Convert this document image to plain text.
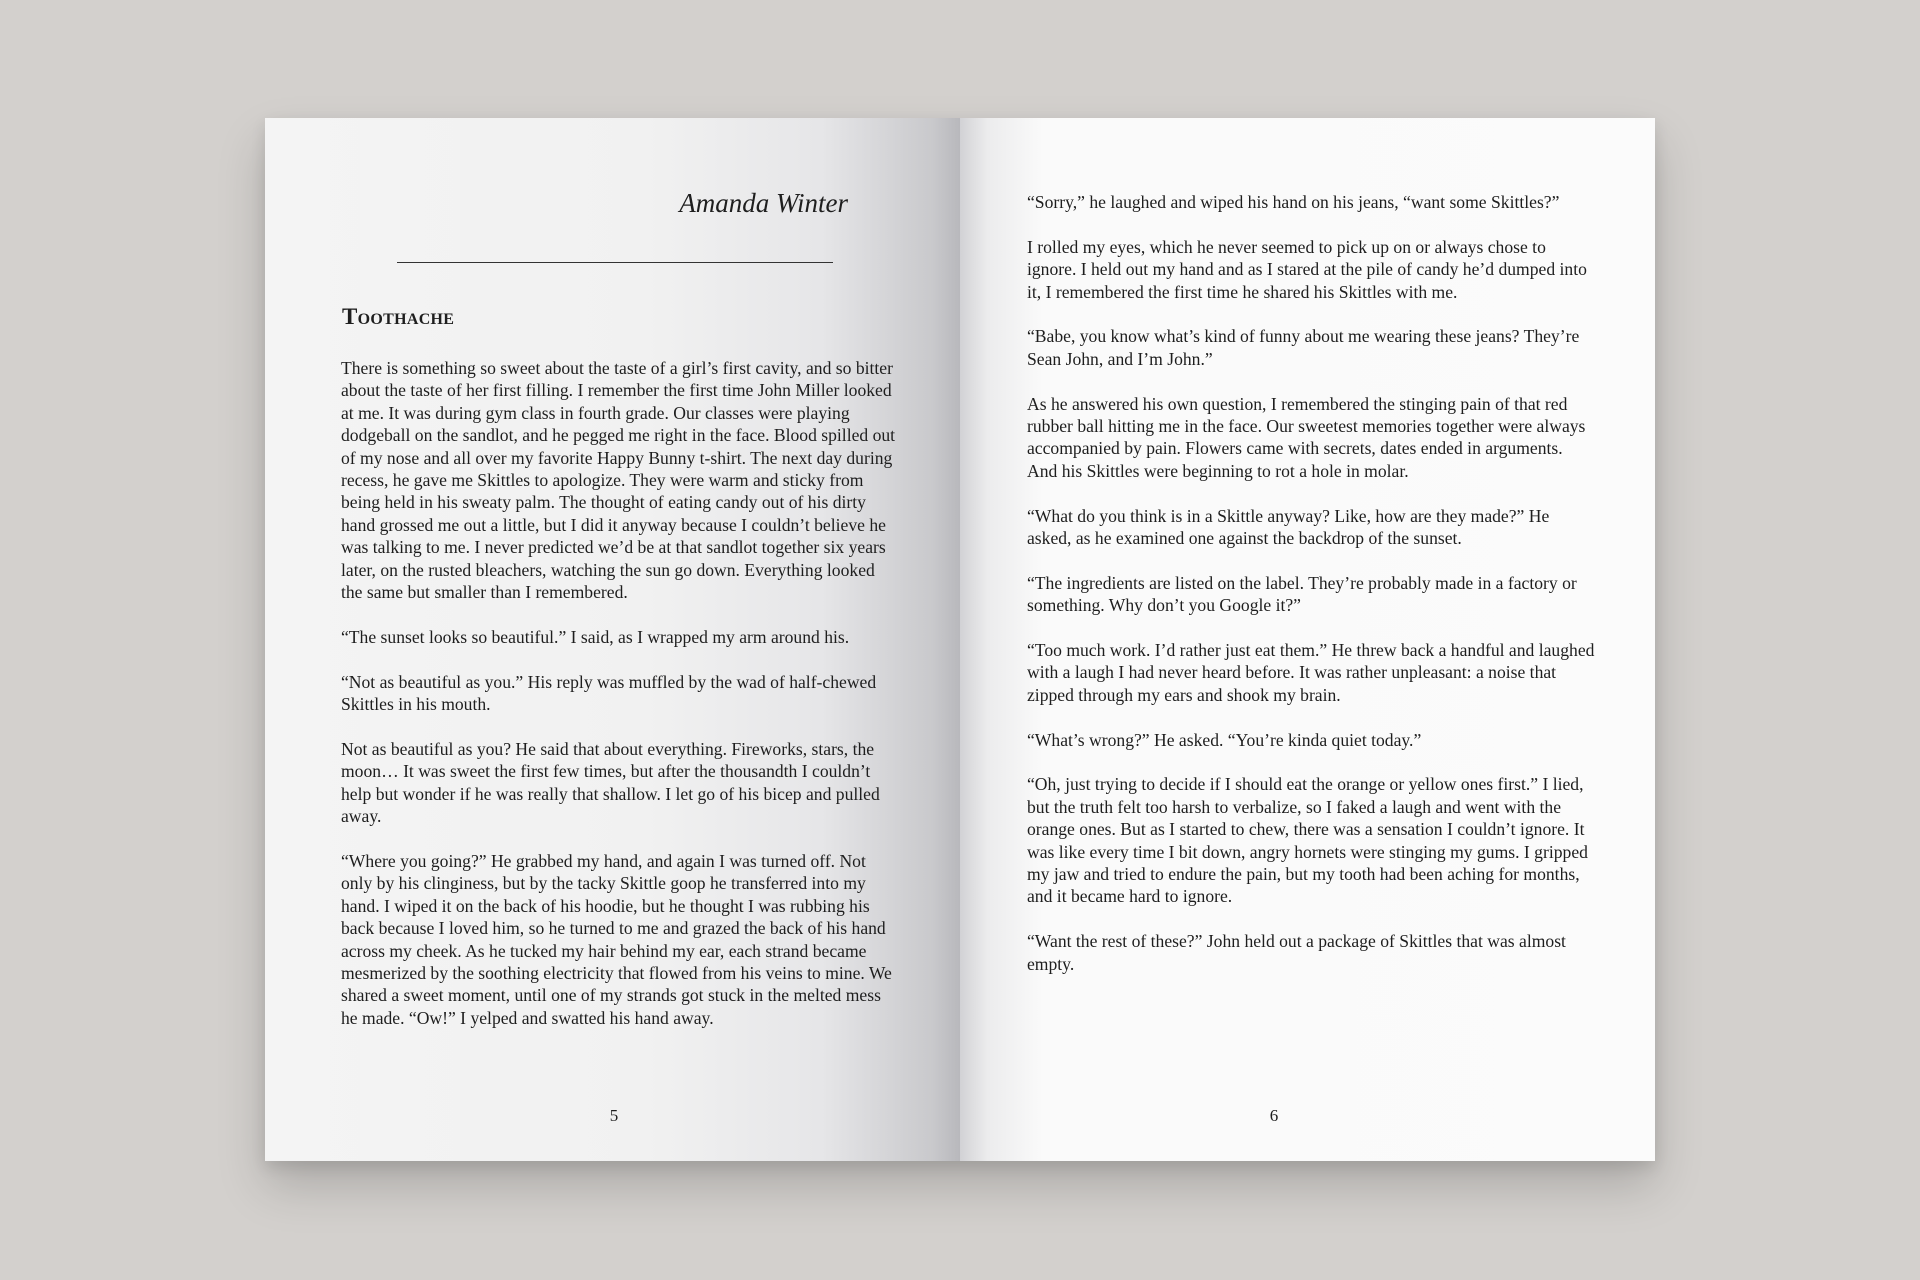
Amanda Winter
Toothache

There is something so sweet about the taste of a girl’s first cavity, and so bitter about the taste of her first filling. I remember the first time John Miller looked at me. It was during gym class in fourth grade. Our classes were playing dodgeball on the sandlot, and he pegged me right in the face. Blood spilled out of my nose and all over my favorite Happy Bunny t-shirt. The next day during recess, he gave me Skittles to apologize. They were warm and sticky from being held in his sweaty palm. The thought of eating candy out of his dirty hand grossed me out a little, but I did it anyway because I couldn’t believe he was talking to me. I never predicted we’d be at that sandlot together six years later, on the rusted bleachers, watching the sun go down. Everything looked the same but smaller than I remembered.

“The sunset looks so beautiful.” I said, as I wrapped my arm around his.

“Not as beautiful as you.” His reply was muffled by the wad of half-chewed Skittles in his mouth.

Not as beautiful as you? He said that about everything. Fireworks, stars, the moon… It was sweet the first few times, but after the thousandth I couldn’t help but wonder if he was really that shallow. I let go of his bicep and pulled away.

“Where you going?” He grabbed my hand, and again I was turned off. Not only by his clinginess, but by the tacky Skittle goop he transferred into my hand. I wiped it on the back of his hoodie, but he thought I was rubbing his back because I loved him, so he turned to me and grazed the back of his hand across my cheek. As he tucked my hair behind my ear, each strand became mesmerized by the soothing electricity that flowed from his veins to mine. We shared a sweet moment, until one of my strands got stuck in the melted mess he made. “Ow!” I yelped and swatted his hand away.

5

“Sorry,” he laughed and wiped his hand on his jeans, “want some Skittles?”

I rolled my eyes, which he never seemed to pick up on or always chose to ignore. I held out my hand and as I stared at the pile of candy he’d dumped into it, I remembered the first time he shared his Skittles with me.

“Babe, you know what’s kind of funny about me wearing these jeans? They’re Sean John, and I’m John.”

As he answered his own question, I remembered the stinging pain of that red rubber ball hitting me in the face. Our sweetest memories together were always accompanied by pain. Flowers came with secrets, dates ended in arguments. And his Skittles were beginning to rot a hole in molar.

“What do you think is in a Skittle anyway? Like, how are they made?” He asked, as he examined one against the backdrop of the sunset.

“The ingredients are listed on the label. They’re probably made in a factory or something. Why don’t you Google it?”

“Too much work. I’d rather just eat them.” He threw back a handful and laughed with a laugh I had never heard before. It was rather unpleasant: a noise that zipped through my ears and shook my brain.

“What’s wrong?” He asked. “You’re kinda quiet today.”

“Oh, just trying to decide if I should eat the orange or yellow ones first.” I lied, but the truth felt too harsh to verbalize, so I faked a laugh and went with the orange ones. But as I started to chew, there was a sensation I couldn’t ignore. It was like every time I bit down, angry hornets were stinging my gums. I gripped my jaw and tried to endure the pain, but my tooth had been aching for months, and it became hard to ignore.

“Want the rest of these?” John held out a package of Skittles that was almost empty.

6
